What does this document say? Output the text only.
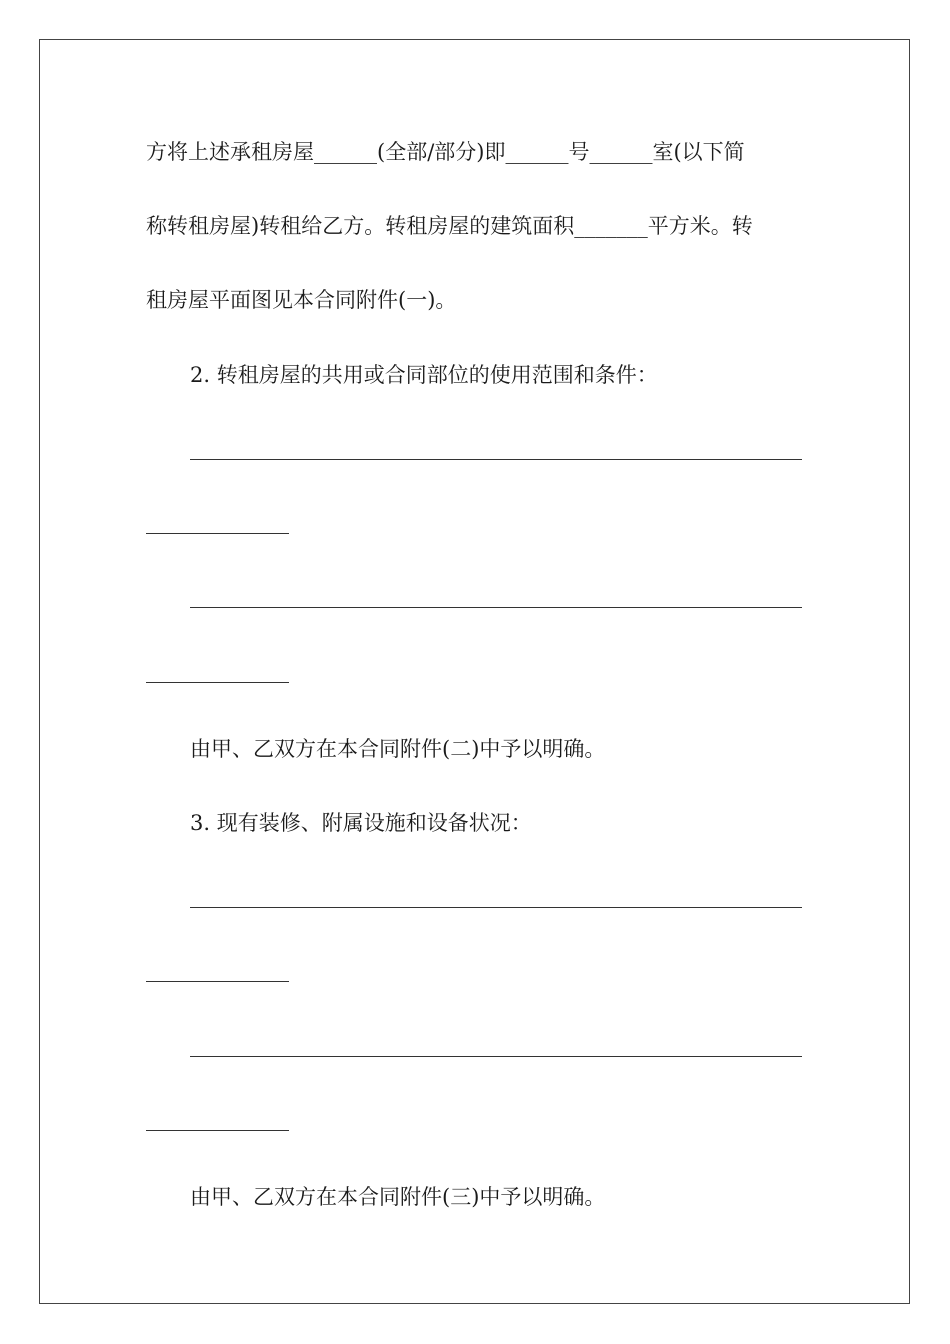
方将上述承租房屋______(全部/部分)即______号______室(以下简
称转租房屋)转租给乙方。转租房屋的建筑面积_______平方米。转
租房屋平面图见本合同附件(一)。
2. 转租房屋的共用或合同部位的使用范围和条件：
由甲、乙双方在本合同附件(二)中予以明确。
3. 现有装修、附属设施和设备状况：
由甲、乙双方在本合同附件(三)中予以明确。
